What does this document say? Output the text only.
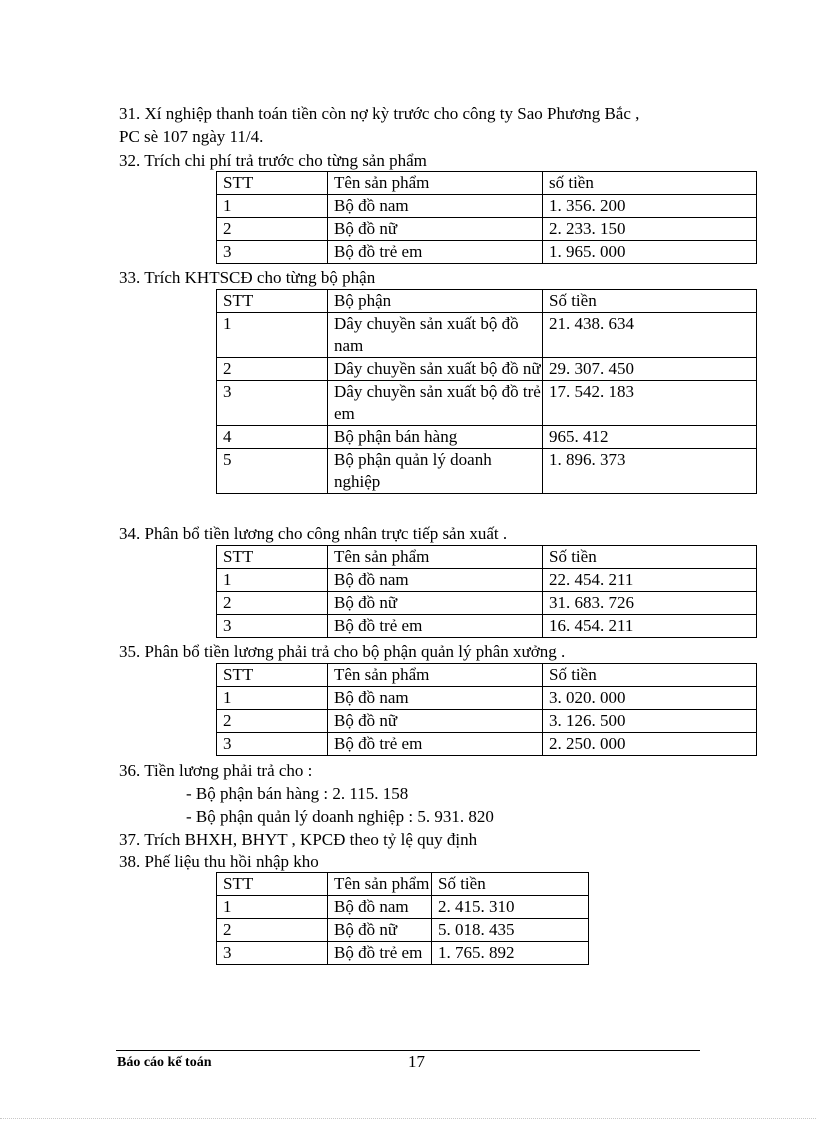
31. Xí nghiệp thanh toán tiền còn nợ kỳ trước cho công ty Sao Phương Bắc ,
PC sè 107 ngày 11/4.
32. Trích chi phí trả trước cho từng sản phẩm
STT	Tên sản phẩm	số tiền
1	Bộ đồ nam	1. 356. 200
2	Bộ đồ nữ	2. 233. 150
3	Bộ đồ trẻ em	1. 965. 000
33. Trích KHTSCĐ cho từng bộ phận
STT	Bộ phận	Số tiền
1	Dây chuyền sản xuất bộ đồ nam	21. 438. 634
2	Dây chuyền sản xuất bộ đồ nữ	29. 307. 450
3	Dây chuyền sản xuất bộ đồ trẻ em	17. 542. 183
4	Bộ phận bán hàng	965. 412
5	Bộ phận quản lý doanh nghiệp	1. 896. 373
34. Phân bổ tiền lương cho công nhân trực tiếp sản xuất .
STT	Tên sản phẩm	Số tiền
1	Bộ đồ nam	22. 454. 211
2	Bộ đồ nữ	31. 683. 726
3	Bộ đồ trẻ em	16. 454. 211
35. Phân bổ tiền lương phải trả cho bộ phận quản lý phân xưởng .
STT	Tên sản phẩm	Số tiền
1	Bộ đồ nam	3. 020. 000
2	Bộ đồ nữ	3. 126. 500
3	Bộ đồ trẻ em	2. 250. 000
36. Tiền lương phải trả cho :
- Bộ phận bán hàng : 2. 115. 158
- Bộ phận quản lý doanh nghiệp : 5. 931. 820
37. Trích BHXH, BHYT , KPCĐ theo tỷ lệ quy định
38. Phế liệu thu hồi nhập kho
STT	Tên sản phẩm	Số tiền
1	Bộ đồ nam	2. 415. 310
2	Bộ đồ nữ	5. 018. 435
3	Bộ đồ trẻ em	1. 765. 892
Báo cáo kế toán	17
